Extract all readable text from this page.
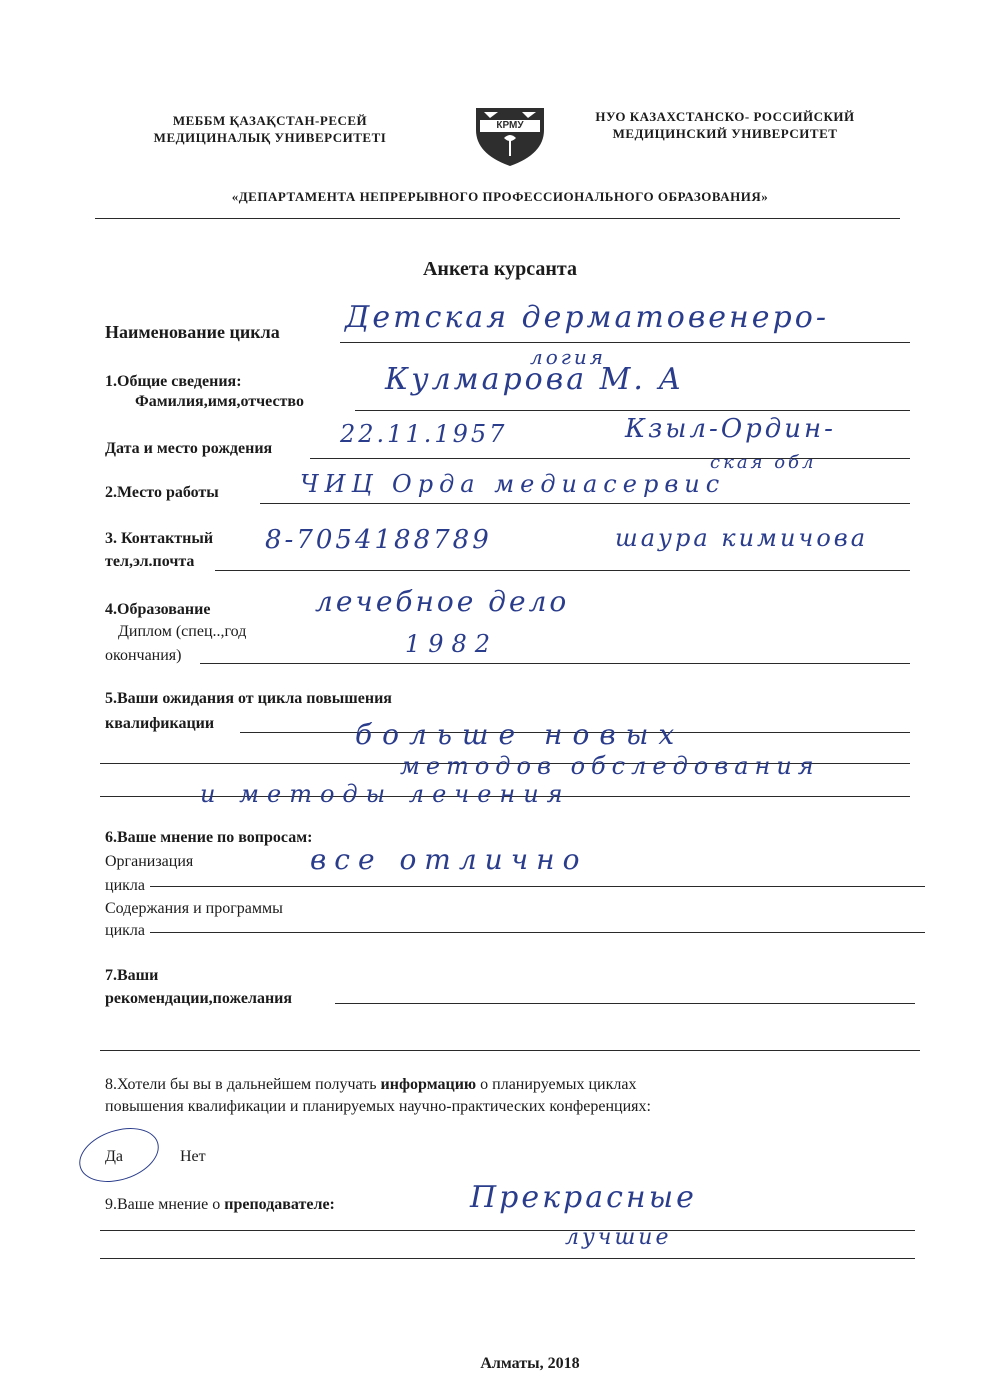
МЕББМ ҚАЗАҚСТАН-РЕСЕЙ
МЕДИЦИНАЛЫҚ УНИВЕРСИТЕТІ
КРМУ
НУО КАЗАХСТАНСКО- РОССИЙСКИЙ
МЕДИЦИНСКИЙ УНИВЕРСИТЕТ
«ДЕПАРТАМЕНТА НЕПРЕРЫВНОГО ПРОФЕССИОНАЛЬНОГО ОБРАЗОВАНИЯ»
Анкета курсанта
Наименование цикла Детская дерматовенеро-
логия
1.Общие сведения:
Фамилия,имя,отчество
Кулмарова М. А
Дата и место рождения
22.11.1957	Кзыл-Ордин-
ская обл
2.Место работы	ЧИЦ Орда медиасервис
3. Контактный
тел,эл.почта
8-7054188789	шаура кимичова
4.Образование
Диплом (спец..,год
окончания)
лечебное дело
1982
5.Ваши ожидания от цикла повышения
квалификации	больше новых
методов обследования
и методы лечения
6.Ваше мнение по вопросам:
Организация
цикла
все отлично
Содержания и программы
цикла
7.Ваши
рекомендации,пожелания
8.Хотели бы вы в дальнейшем получать информацию о планируемых циклах
повышения квалификации и планируемых научно-практических конференциях:
Да	Нет
9.Ваше мнение о преподавателе:	Прекрасные
лучшие
Алматы, 2018
